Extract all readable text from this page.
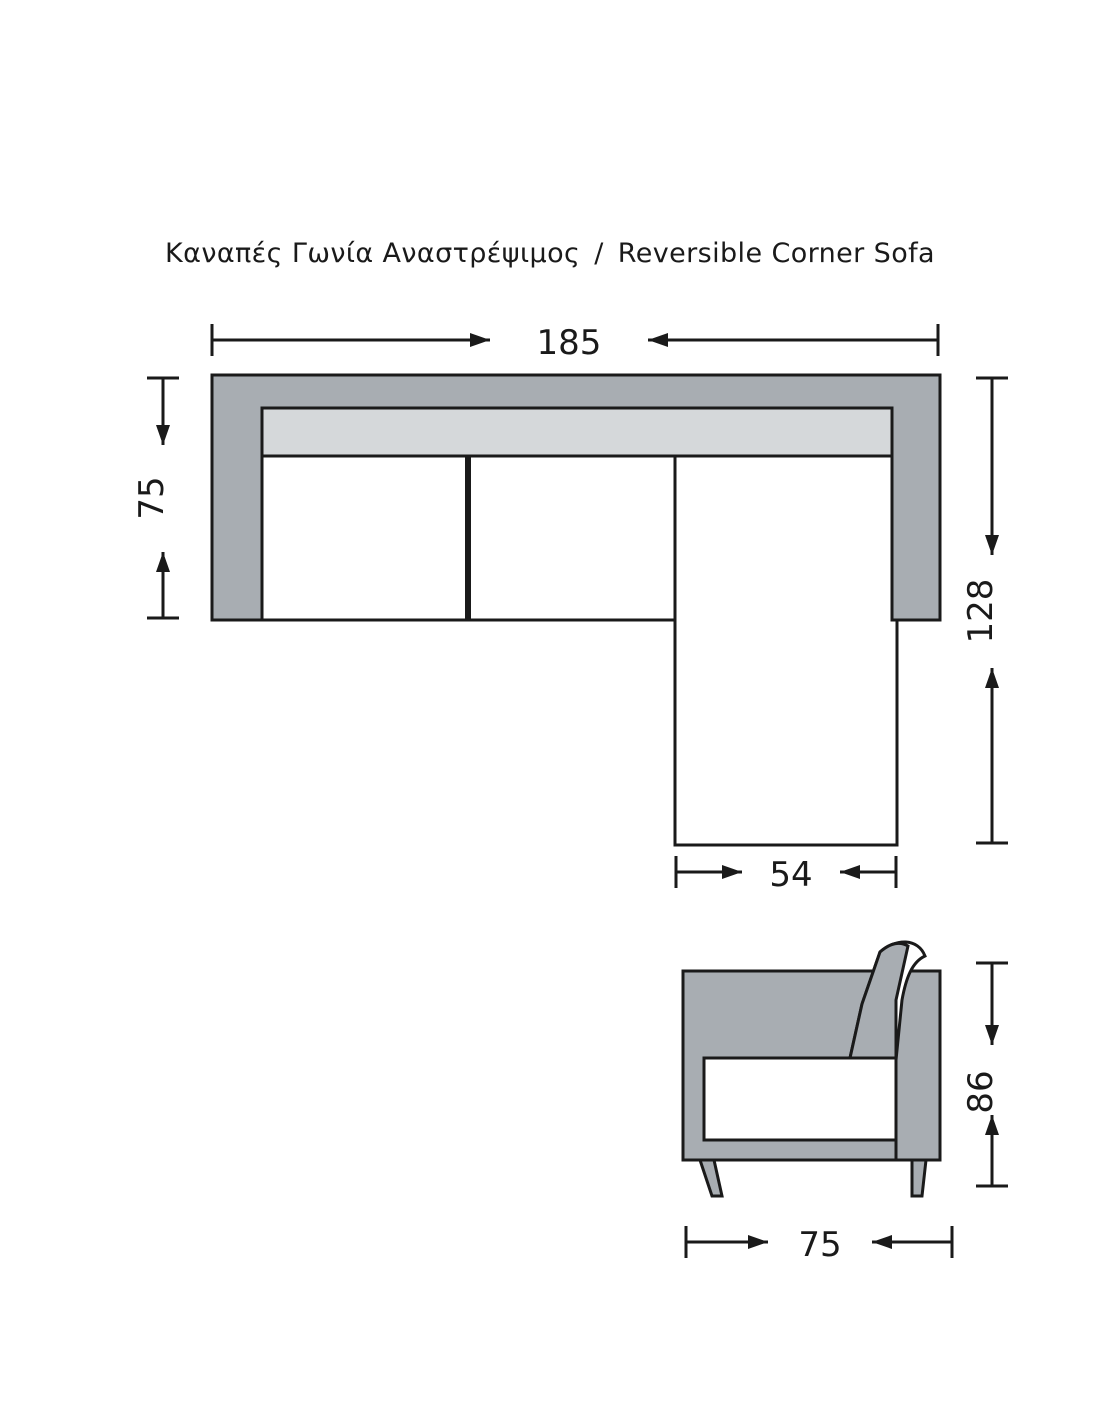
Καναπές Γωνία Αναστρέψιμος / Reversible Corner Sofa
185
75
128
54
86
75
